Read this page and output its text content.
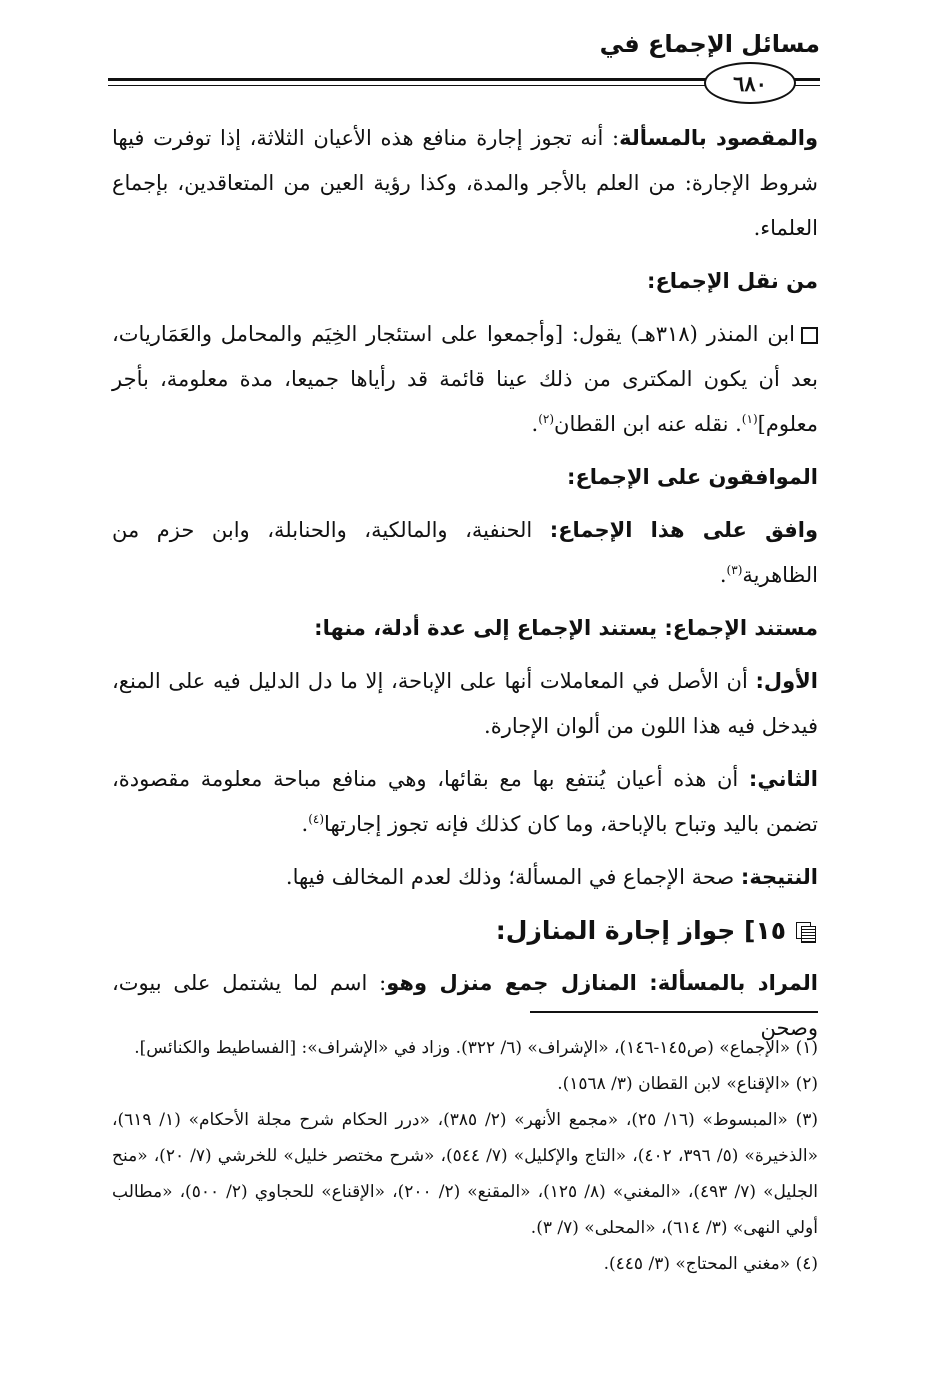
مسائل الإجماع في
٦٨٠

والمقصود بالمسألة: أنه تجوز إجارة منافع هذه الأعيان الثلاثة، إذا توفرت فيها شروط الإجارة: من العلم بالأجر والمدة، وكذا رؤية العين من المتعاقدين، بإجماع العلماء.

من نقل الإجماع:

ابن المنذر (٣١٨هـ) يقول: [وأجمعوا على استئجار الخِيَم والمحامل والعَمَاريات، بعد أن يكون المكترى من ذلك عينا قائمة قد رأياها جميعا، مدة معلومة، بأجر معلوم]$^{(١)}$. نقله عنه ابن القطان$^{(٢)}$.

الموافقون على الإجماع:

وافق على هذا الإجماع: الحنفية، والمالكية، والحنابلة، وابن حزم من الظاهرية$^{(٣)}$.

مستند الإجماع: يستند الإجماع إلى عدة أدلة، منها:

الأول: أن الأصل في المعاملات أنها على الإباحة، إلا ما دل الدليل فيه على المنع، فيدخل فيه هذا اللون من ألوان الإجارة.

الثاني: أن هذه أعيان يُنتفع بها مع بقائها، وهي منافع مباحة معلومة مقصودة، تضمن باليد وتباح بالإباحة، وما كان كذلك فإنه تجوز إجارتها$^{(٤)}$.

النتيجة: صحة الإجماع في المسألة؛ وذلك لعدم المخالف فيها.

١٥] جواز إجارة المنازل:

المراد بالمسألة: المنازل جمع منزل وهو: اسم لما يشتمل على بيوت، وصحن

(١) «الإجماع» (ص١٤٥-١٤٦)، «الإشراف» (٦/ ٣٢٢). وزاد في «الإشراف»: [الفساطيط والكنائس].

(٢) «الإقناع» لابن القطان (٣/ ١٥٦٨).

(٣) «المبسوط» (١٦/ ٢٥)، «مجمع الأنهر» (٢/ ٣٨٥)، «درر الحكام شرح مجلة الأحكام» (١/ ٦١٩)، «الذخيرة» (٥/ ٣٩٦، ٤٠٢)، «التاج والإكليل» (٧/ ٥٤٤)، «شرح مختصر خليل» للخرشي (٧/ ٢٠)، «منح الجليل» (٧/ ٤٩٣)، «المغني» (٨/ ١٢٥)، «المقنع» (٢/ ٢٠٠)، «الإقناع» للحجاوي (٢/ ٥٠٠)، «مطالب أولي النهى» (٣/ ٦١٤)، «المحلى» (٧/ ٣).

(٤) «مغني المحتاج» (٣/ ٤٤٥).
